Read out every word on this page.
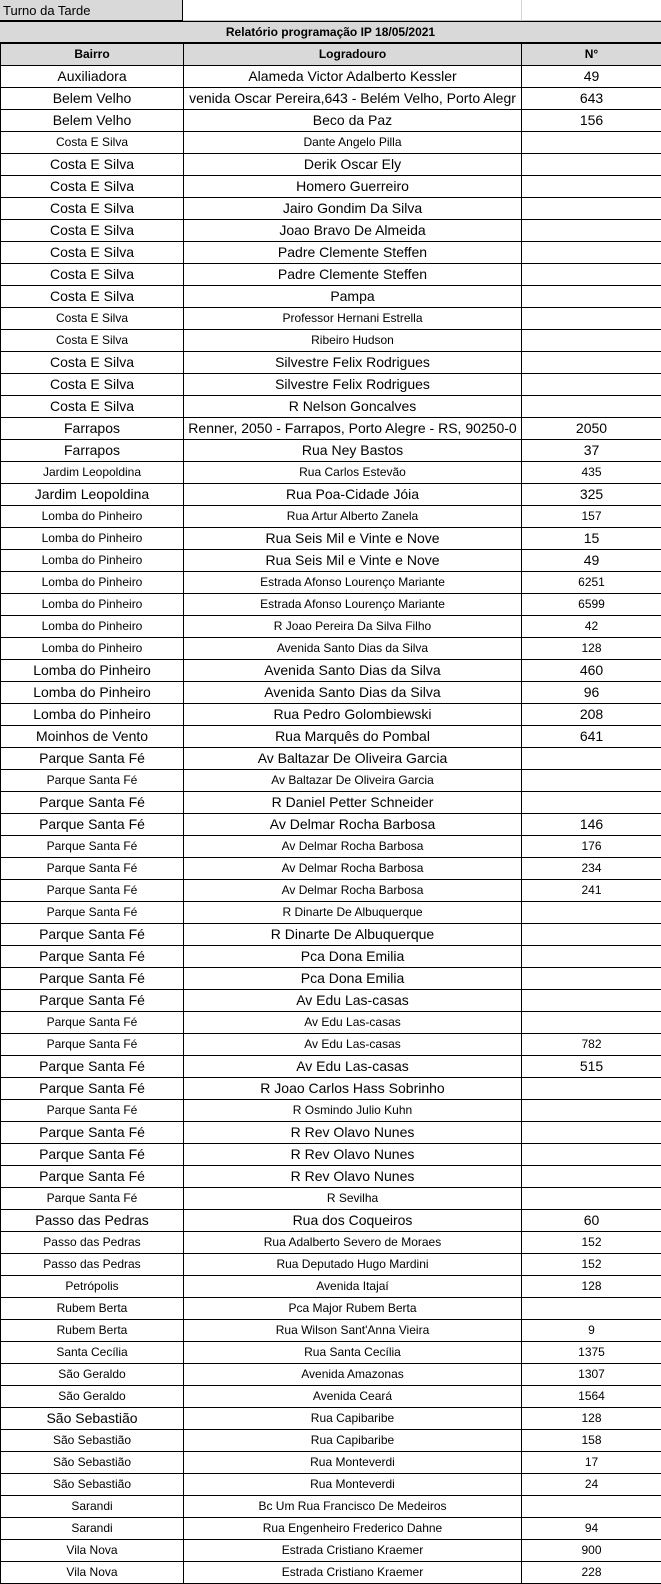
Turno da Tarde
Relatório programação IP 18/05/2021
Bairro	Logradouro	N°

Auxiliadora	Alameda Victor Adalberto Kessler	49

Belem Velho	venida Oscar Pereira,643 - Belém Velho, Porto Alegr	643

Belem Velho	Beco da Paz	156

Costa E Silva	Dante Angelo Pilla	

Costa E Silva	Derik Oscar Ely	

Costa E Silva	Homero Guerreiro	

Costa E Silva	Jairo Gondim Da Silva	

Costa E Silva	Joao Bravo De Almeida	

Costa E Silva	Padre Clemente Steffen	

Costa E Silva	Padre Clemente Steffen	

Costa E Silva	Pampa	

Costa E Silva	Professor Hernani Estrella	

Costa E Silva	Ribeiro Hudson	

Costa E Silva	Silvestre Felix Rodrigues	

Costa E Silva	Silvestre Felix Rodrigues	

Costa E Silva	R Nelson Goncalves	

Farrapos	Renner, 2050 - Farrapos, Porto Alegre - RS, 90250-0	2050

Farrapos	Rua Ney Bastos	37

Jardim Leopoldina	Rua Carlos Estevão	435

Jardim Leopoldina	Rua Poa-Cidade Jóia	325

Lomba do Pinheiro	Rua Artur Alberto Zanela	157

Lomba do Pinheiro	Rua Seis Mil e Vinte e Nove	15

Lomba do Pinheiro	Rua Seis Mil e Vinte e Nove	49

Lomba do Pinheiro	Estrada Afonso Lourenço Mariante	6251

Lomba do Pinheiro	Estrada Afonso Lourenço Mariante	6599

Lomba do Pinheiro	R Joao Pereira Da Silva Filho	42

Lomba do Pinheiro	Avenida Santo Dias da Silva	128

Lomba do Pinheiro	Avenida Santo Dias da Silva	460

Lomba do Pinheiro	Avenida Santo Dias da Silva	96

Lomba do Pinheiro	Rua Pedro Golombiewski	208

Moinhos de Vento	Rua Marquês do Pombal	641

Parque Santa Fé	Av Baltazar De Oliveira Garcia	

Parque Santa Fé	Av Baltazar De Oliveira Garcia	

Parque Santa Fé	R Daniel Petter Schneider	

Parque Santa Fé	Av Delmar Rocha Barbosa	146

Parque Santa Fé	Av Delmar Rocha Barbosa	176

Parque Santa Fé	Av Delmar Rocha Barbosa	234

Parque Santa Fé	Av Delmar Rocha Barbosa	241

Parque Santa Fé	R Dinarte De Albuquerque	

Parque Santa Fé	R Dinarte De Albuquerque	

Parque Santa Fé	Pca Dona Emilia	

Parque Santa Fé	Pca Dona Emilia	

Parque Santa Fé	Av Edu Las-casas	

Parque Santa Fé	Av Edu Las-casas	

Parque Santa Fé	Av Edu Las-casas	782

Parque Santa Fé	Av Edu Las-casas	515

Parque Santa Fé	R Joao Carlos Hass Sobrinho	

Parque Santa Fé	R Osmindo Julio Kuhn	

Parque Santa Fé	R Rev Olavo Nunes	

Parque Santa Fé	R Rev Olavo Nunes	

Parque Santa Fé	R Rev Olavo Nunes	

Parque Santa Fé	R Sevilha	

Passo das Pedras	Rua dos Coqueiros	60

Passo das Pedras	Rua Adalberto Severo de Moraes	152

Passo das Pedras	Rua Deputado Hugo Mardini	152

Petrópolis	Avenida Itajaí	128

Rubem Berta	Pca Major Rubem Berta	

Rubem Berta	Rua Wilson Sant'Anna Vieira	9

Santa Cecília	Rua Santa Cecília	1375

São Geraldo	Avenida Amazonas	1307

São Geraldo	Avenida Ceará	1564

São Sebastião	Rua Capibaribe	128

São Sebastião	Rua Capibaribe	158

São Sebastião	Rua Monteverdi	17

São Sebastião	Rua Monteverdi	24

Sarandi	Bc Um Rua Francisco De Medeiros	

Sarandi	Rua Engenheiro Frederico Dahne	94

Vila Nova	Estrada Cristiano Kraemer	900

Vila Nova	Estrada Cristiano Kraemer	228
